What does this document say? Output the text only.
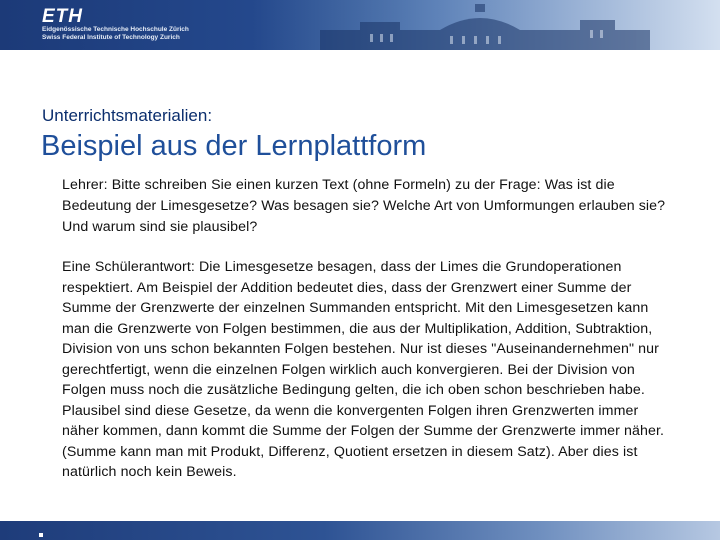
ETH
Eidgenössische Technische Hochschule Zürich
Swiss Federal Institute of Technology Zurich
Unterrichtsmaterialien:
Beispiel aus der Lernplattform
Lehrer: Bitte schreiben Sie einen kurzen Text (ohne Formeln) zu der Frage: Was ist die Bedeutung der Limesgesetze? Was besagen sie? Welche Art von Umformungen erlauben sie? Und warum sind sie plausibel?
Eine Schülerantwort: Die Limesgesetze besagen, dass der Limes die Grundoperationen respektiert. Am Beispiel der Addition bedeutet dies, dass der Grenzwert einer Summe der Summe der Grenzwerte der einzelnen Summanden entspricht. Mit den Limesgesetzen kann man die Grenzwerte von Folgen bestimmen, die aus der Multiplikation, Addition, Subtraktion, Division von uns schon bekannten Folgen bestehen. Nur ist dieses "Auseinandernehmen" nur gerechtfertigt, wenn die einzelnen Folgen wirklich auch konvergieren. Bei der Division von Folgen muss noch die zusätzliche Bedingung gelten, die ich oben schon beschrieben habe. Plausibel sind diese Gesetze, da wenn die konvergenten Folgen ihren Grenzwerten immer näher kommen, dann kommt die Summe der Folgen der Summe der Grenzwerte immer näher.(Summe kann man mit Produkt, Differenz, Quotient ersetzen in diesem Satz). Aber dies ist natürlich noch kein Beweis.
